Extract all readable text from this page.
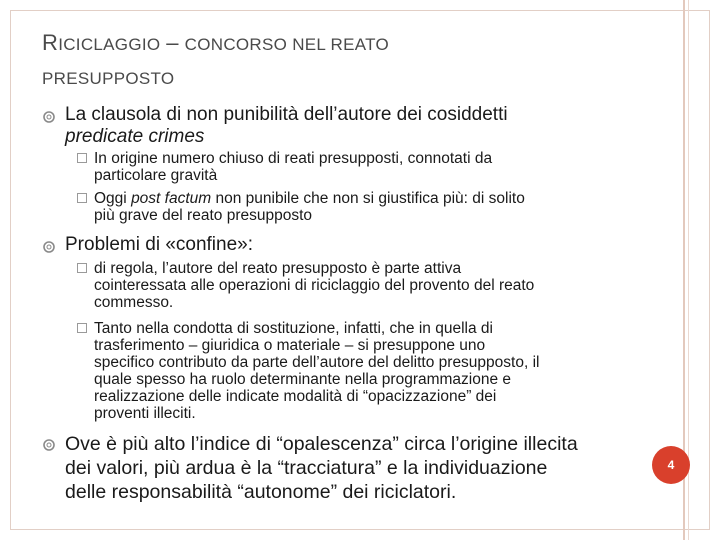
RICICLAGGIO – CONCORSO NEL REATO
PRESUPPOSTO
La clausola di non punibilità dell’autore dei cosiddetti
predicate crimes
In origine numero chiuso di reati presupposti, connotati da
particolare gravità
Oggi post factum non punibile che non si giustifica più: di solito
più grave del reato presupposto
Problemi di «confine»:
di regola, l’autore del reato presupposto è parte attiva
cointeressata alle operazioni di riciclaggio del provento del reato
commesso.
Tanto nella condotta di sostituzione, infatti, che in quella di
trasferimento – giuridica o materiale – si presuppone uno
specifico contributo da parte dell’autore del delitto presupposto, il
quale spesso ha ruolo determinante nella programmazione e
realizzazione delle indicate modalità di “opacizzazione” dei
proventi illeciti.
Ove è più alto l’indice di “opalescenza” circa l’origine illecita
dei valori, più ardua è la “tracciatura” e la individuazione
delle responsabilità “autonome” dei riciclatori.
4
